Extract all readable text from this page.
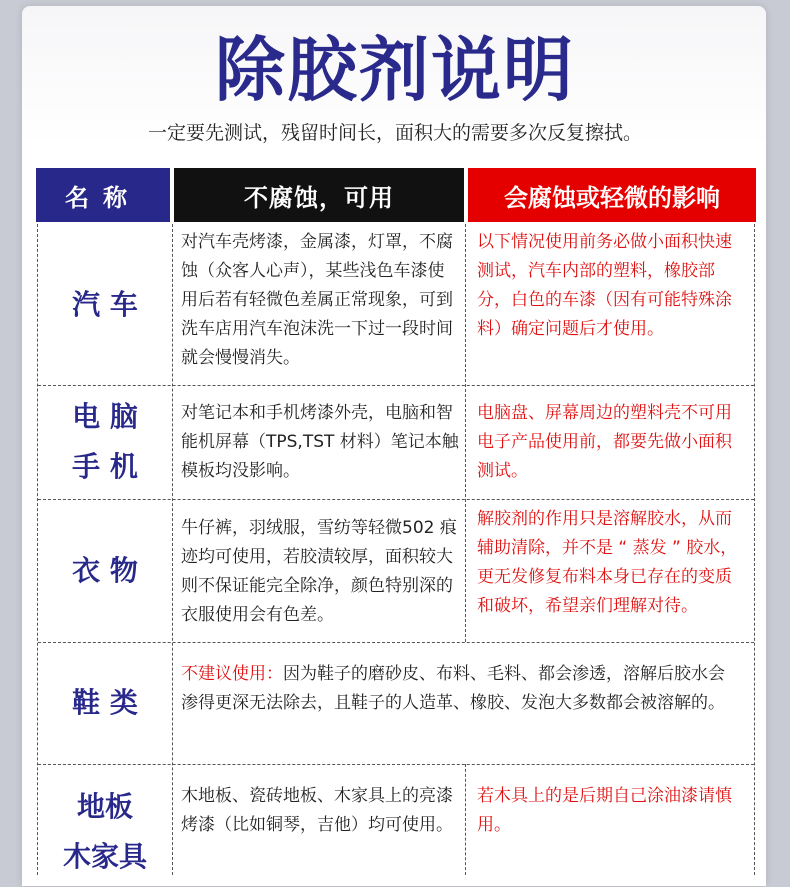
除胶剂说明
一定要先测试，残留时间长，面积大的需要多次反复擦拭。
名称	不腐蚀，可用	会腐蚀或轻微的影响
汽 车
对汽车壳烤漆，金属漆，灯罩，不腐蚀（众客人心声），某些浅色车漆使用后若有轻微色差属正常现象，可到洗车店用汽车泡沫洗一下过一段时间就会慢慢消失。
以下情况使用前务必做小面积快速测试，汽车内部的塑料，橡胶部分，白色的车漆（因有可能特殊涂料）确定问题后才使用。
电 脑
手 机
对笔记本和手机烤漆外壳，电脑和智能机屏幕（TPS,TST 材料）笔记本触模板均没影响。
电脑盘、屏幕周边的塑料壳不可用电子产品使用前，都要先做小面积测试。
衣 物
牛仔裤，羽绒服，雪纺等轻微502 痕迹均可使用，若胶渍较厚，面积较大则不保证能完全除净，颜色特别深的衣服使用会有色差。
解胶剂的作用只是溶解胶水，从而辅助清除，并不是 “ 蒸发 ” 胶水，更无发修复布料本身已存在的变质和破坏，希望亲们理解对待。
鞋 类
不建议使用：因为鞋子的磨砂皮、布料、毛料、都会渗透，溶解后胶水会渗得更深无法除去，且鞋子的人造革、橡胶、发泡大多数都会被溶解的。
地板
木家具
木地板、瓷砖地板、木家具上的亮漆烤漆（比如铜琴，吉他）均可使用。
若木具上的是后期自己涂油漆请慎用。
